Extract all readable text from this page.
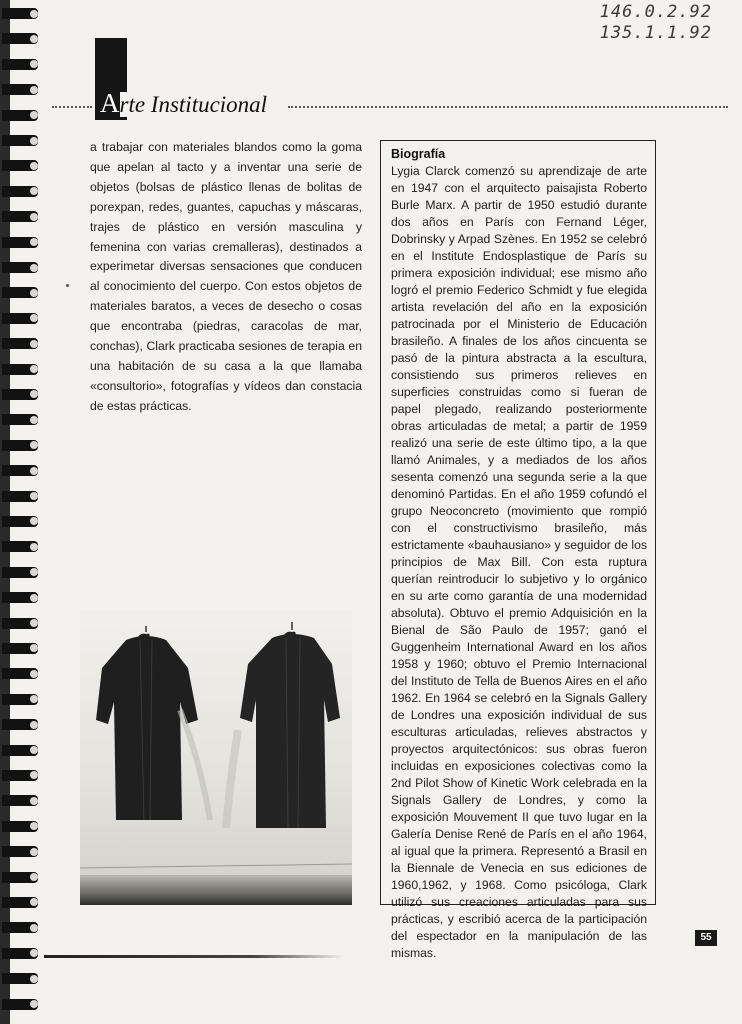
146.0.2.92
135.1.1.92
Arte Institucional
a trabajar con materiales blandos como la goma que apelan al tacto y a inventar una serie de objetos (bolsas de plástico llenas de bolitas de porexpan, redes, guantes, capuchas y máscaras, trajes de plástico en versión masculina y femenina con varias cremalleras), destinados a experimetar diversas sensaciones que conducen al conocimiento del cuerpo. Con estos objetos de materiales baratos, a veces de desecho o cosas que encontraba (piedras, caracolas de mar, conchas), Clark practicaba sesiones de terapia en una habitación de su casa a la que llamaba «consultorio», fotografías y vídeos dan constacia de estas prácticas.
Biografía
Lygia Clarck comenzó su aprendizaje de arte en 1947 con el arquitecto paisajista Roberto Burle Marx. A partir de 1950 estudió durante dos años en París con Fernand Léger, Dobrinsky y Arpad Szènes. En 1952 se celebró en el Institute Endosplastique de París su primera exposición individual; ese mismo año logró el premio Federico Schmidt y fue elegida artista revelación del año en la exposición patrocinada por el Ministerio de Educación brasileño. A finales de los años cincuenta se pasó de la pintura abstracta a la escultura, consistiendo sus primeros relieves en superficies construidas como si fueran de papel plegado, realizando posteriormente obras articuladas de metal; a partir de 1959 realizó una serie de este último tipo, a la que llamó Animales, y a mediados de los años sesenta comenzó una segunda serie a la que denominó Partidas. En el año 1959 cofundó el grupo Neoconcreto (movimiento que rompió con el constructivismo brasileño, más estrictamente «bauhausiano» y seguidor de los principios de Max Bill. Con esta ruptura querían reintroducir lo subjetivo y lo orgánico en su arte como garantía de una modernidad absoluta). Obtuvo el premio Adquisición en la Bienal de São Paulo de 1957; ganó el Guggenheim International Award en los años 1958 y 1960; obtuvo el Premio Internacional del Instituto de Tella de Buenos Aires en el año 1962. En 1964 se celebró en la Signals Gallery de Londres una exposición individual de sus esculturas articuladas, relieves abstractos y proyectos arquitectónicos: sus obras fueron incluidas en exposiciones colectivas como la 2nd Pilot Show of Kinetic Work celebrada en la Signals Gallery de Londres, y como la exposición Mouvement II que tuvo lugar en la Galería Denise René de París en el año 1964, al igual que la primera. Representó a Brasil en la Biennale de Venecia en sus ediciones de 1960,1962, y 1968. Como psicóloga, Clark utilizó sus creaciones articuladas para sus prácticas, y escribió acerca de la participación del espectador en la manipulación de las mismas.
55
